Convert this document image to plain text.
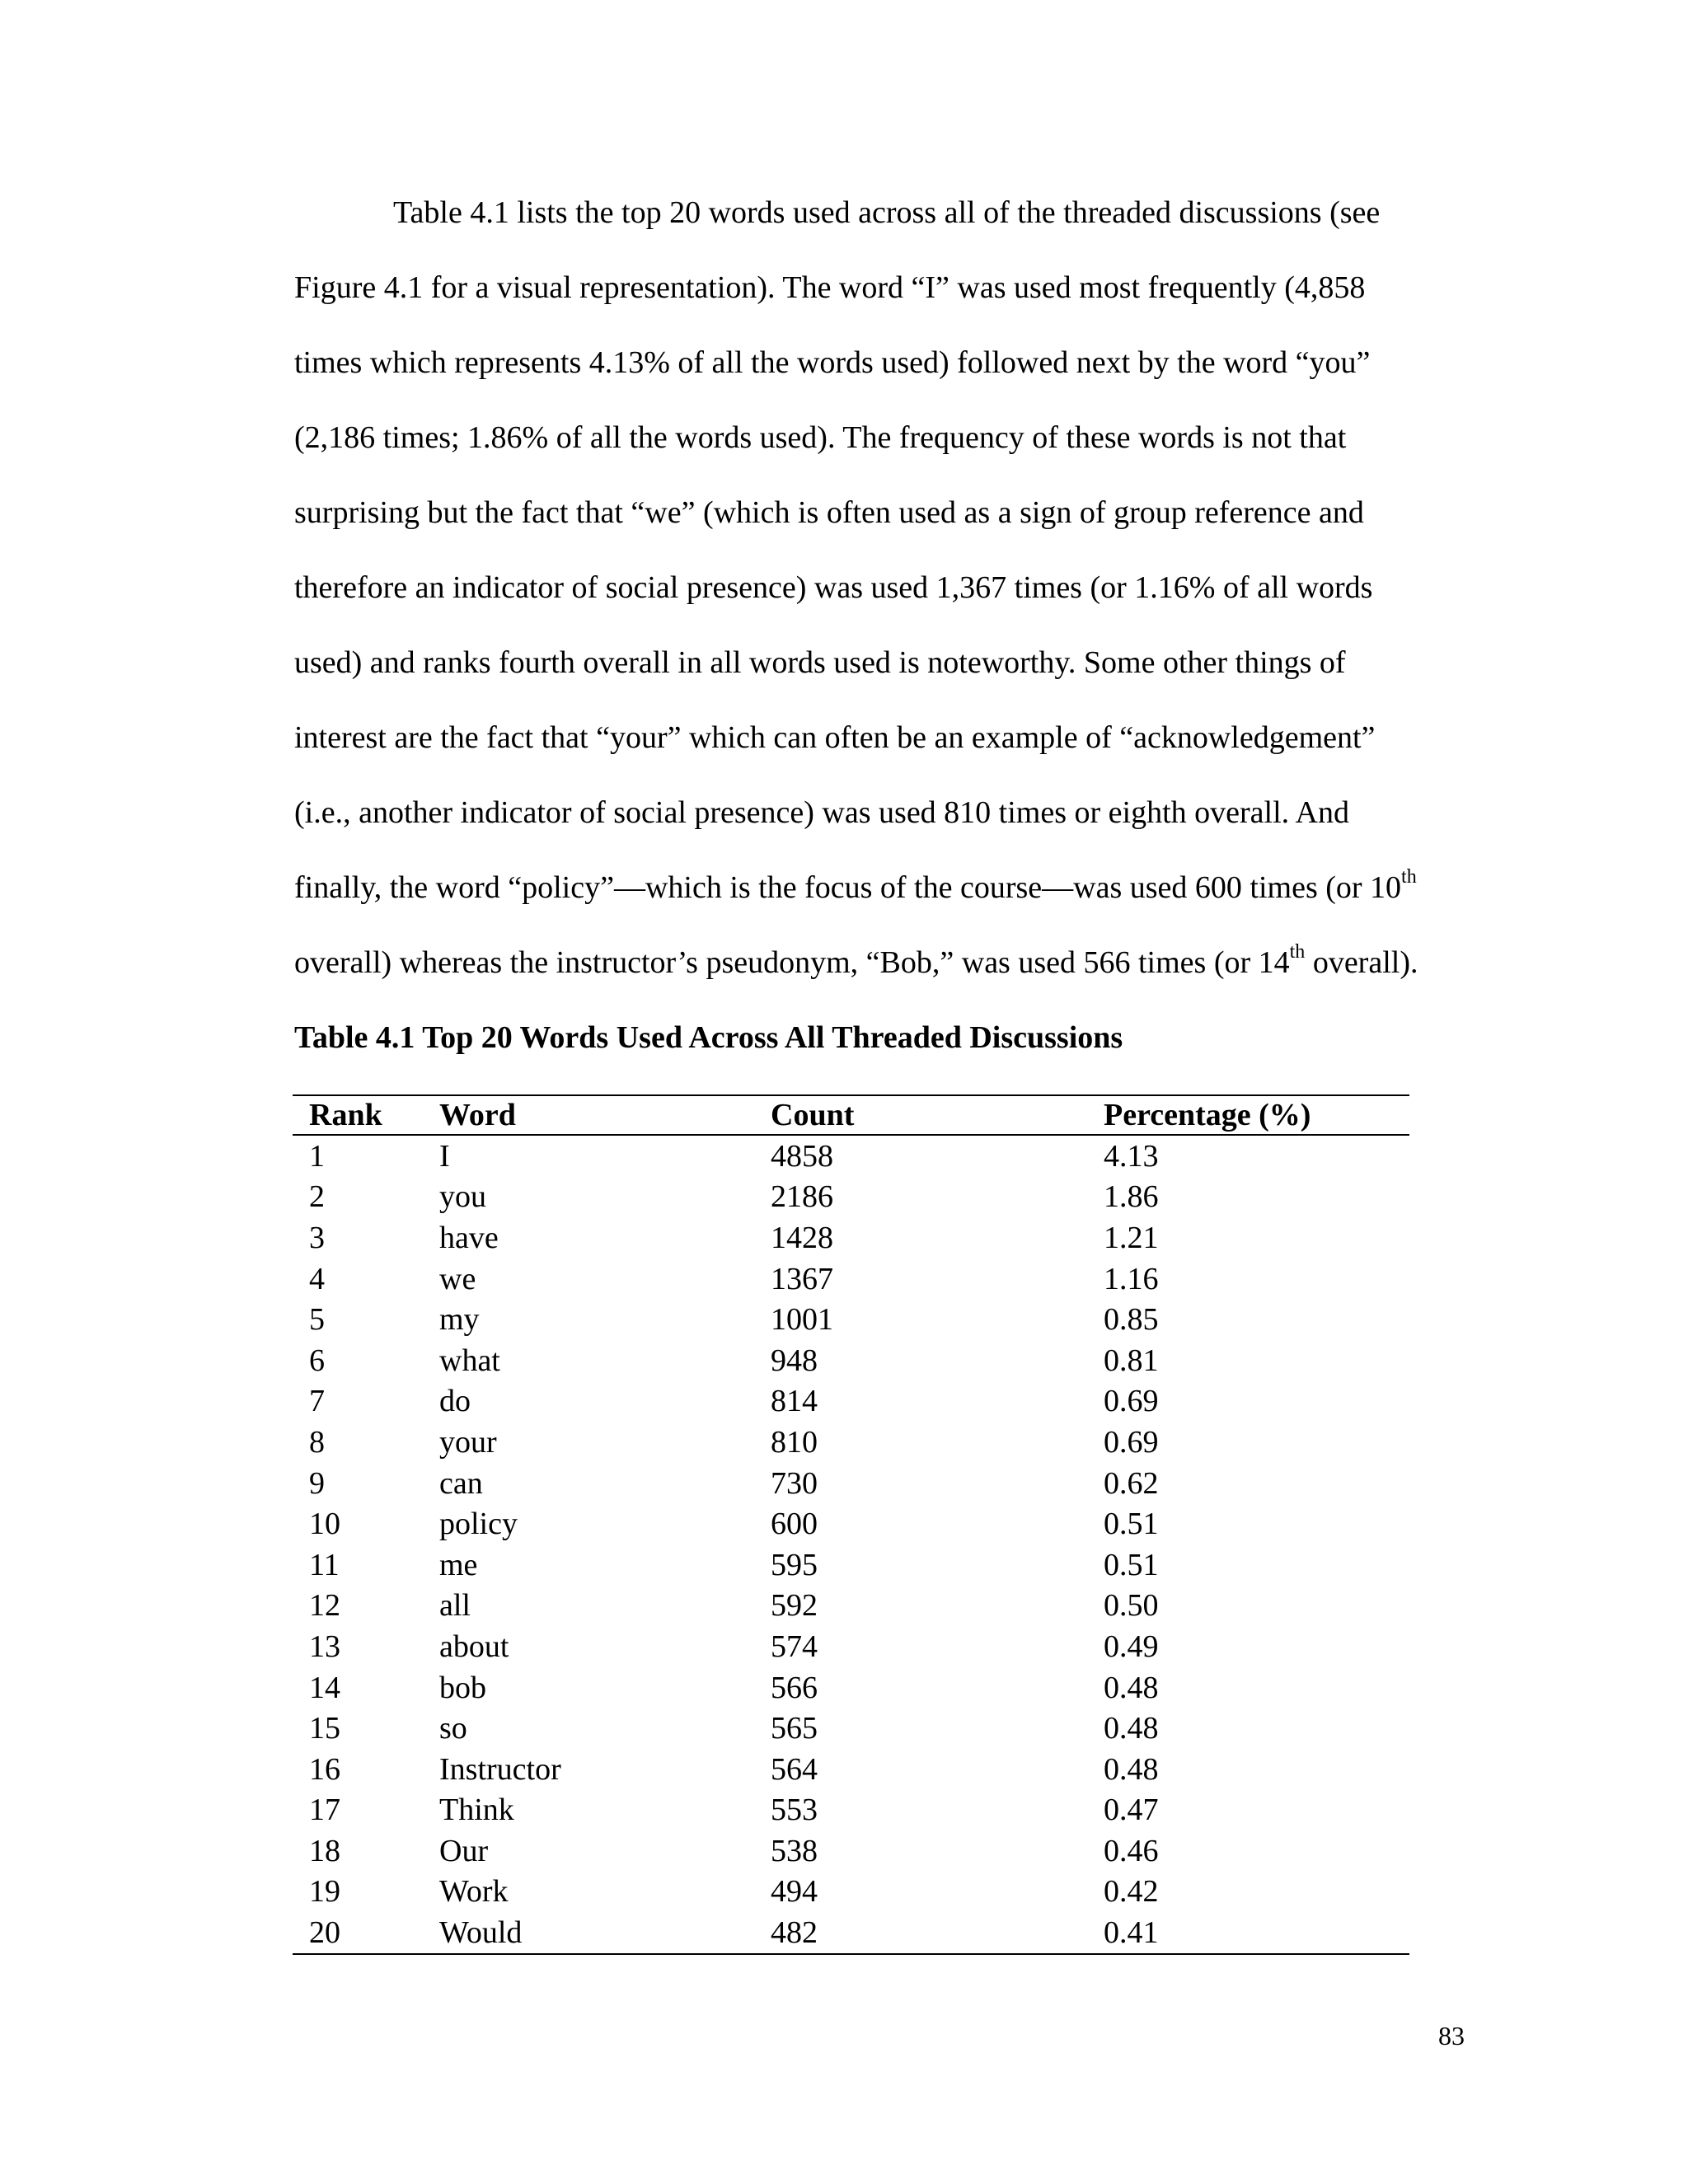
Table 4.1 lists the top 20 words used across all of the threaded discussions (see

Figure 4.1 for a visual representation). The word “I” was used most frequently (4,858

times which represents 4.13% of all the words used) followed next by the word “you”

(2,186 times; 1.86% of all the words used). The frequency of these words is not that

surprising but the fact that “we” (which is often used as a sign of group reference and

therefore an indicator of social presence) was used 1,367 times (or 1.16% of all words

used) and ranks fourth overall in all words used is noteworthy. Some other things of

interest are the fact that “your” which can often be an example of “acknowledgement”

(i.e., another indicator of social presence) was used 810 times or eighth overall. And

finally, the word “policy”—which is the focus of the course—was used 600 times (or 10th

overall) whereas the instructor’s pseudonym, “Bob,” was used 566 times (or 14th overall).

Table 4.1 Top 20 Words Used Across All Threaded Discussions

Rank	Word	Count	Percentage (%)
1	I	4858	4.13
2	you	2186	1.86
3	have	1428	1.21
4	we	1367	1.16
5	my	1001	0.85
6	what	948	0.81
7	do	814	0.69
8	your	810	0.69
9	can	730	0.62
10	policy	600	0.51
11	me	595	0.51
12	all	592	0.50
13	about	574	0.49
14	bob	566	0.48
15	so	565	0.48
16	Instructor	564	0.48
17	Think	553	0.47
18	Our	538	0.46
19	Work	494	0.42
20	Would	482	0.41

83
